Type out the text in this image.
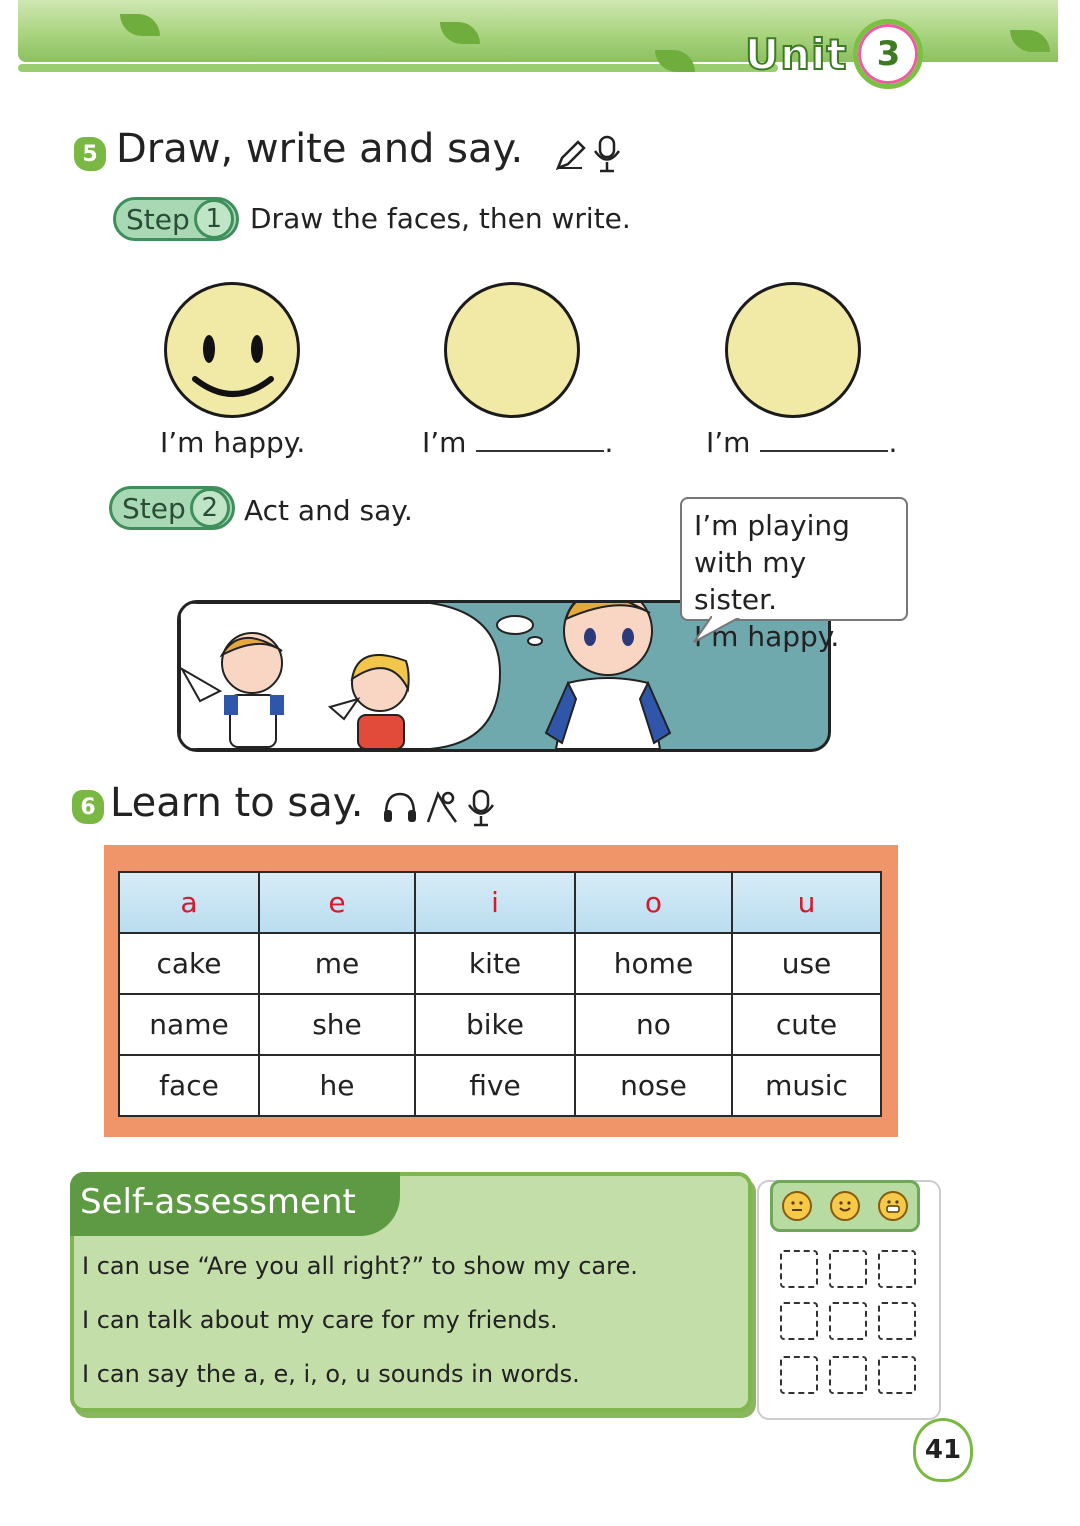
Unit 3
5 Draw, write and say.
Step 1 Draw the faces, then write.
I’m happy.	I’m	.	I’m	.
Step 2 Act and say.	I’m playing
with my sister.
I’m happy.
6 Learn to say.
a	e	i	o	u
cake	me	kite	home	use
name	she	bike	no	cute
face	he	five	nose	music
Self-assessment
I can use “Are you all right?” to show my care.
I can talk about my care for my friends.
I can say the a, e, i, o, u sounds in words.
41
